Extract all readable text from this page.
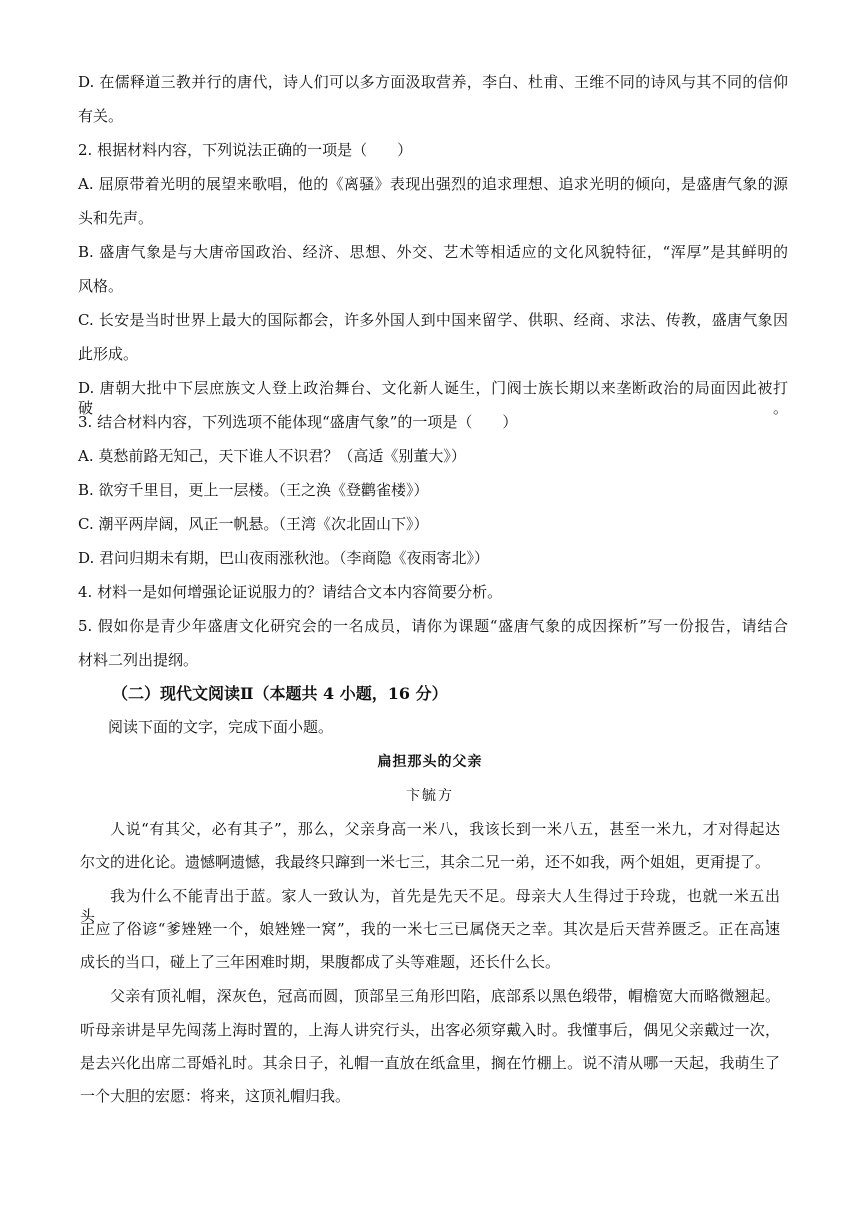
D. 在儒释道三教并行的唐代，诗人们可以多方面汲取营养，李白、杜甫、王维不同的诗风与其不同的信仰
有关。
2. 根据材料内容，下列说法正确的一项是（　　）
A. 屈原带着光明的展望来歌唱，他的《离骚》表现出强烈的追求理想、追求光明的倾向，是盛唐气象的源
头和先声。
B. 盛唐气象是与大唐帝国政治、经济、思想、外交、艺术等相适应的文化风貌特征，“浑厚”是其鲜明的
风格。
C. 长安是当时世界上最大的国际都会，许多外国人到中国来留学、供职、经商、求法、传教，盛唐气象因
此形成。
D. 唐朝大批中下层庶族文人登上政治舞台、文化新人诞生，门阀士族长期以来垄断政治的局面因此被打破。
3. 结合材料内容，下列选项不能体现“盛唐气象”的一项是（　　）
A. 莫愁前路无知己，天下谁人不识君？（高适《别董大》）
B. 欲穷千里目，更上一层楼。（王之涣《登鹳雀楼》）
C. 潮平两岸阔，风正一帆悬。（王湾《次北固山下》）
D. 君问归期未有期，巴山夜雨涨秋池。（李商隐《夜雨寄北》）
4. 材料一是如何增强论证说服力的？请结合文本内容简要分析。
5. 假如你是青少年盛唐文化研究会的一名成员，请你为课题“盛唐气象的成因探析”写一份报告，请结合
材料二列出提纲。
（二）现代文阅读Ⅱ（本题共 4 小题，16 分）
阅读下面的文字，完成下面小题。
扁担那头的父亲
卞毓方
人说“有其父，必有其子”，那么，父亲身高一米八，我该长到一米八五，甚至一米九，才对得起达
尔文的进化论。遗憾啊遗憾，我最终只蹿到一米七三，其余二兄一弟，还不如我，两个姐姐，更甭提了。
我为什么不能青出于蓝。家人一致认为，首先是先天不足。母亲大人生得过于玲珑，也就一米五出头，
正应了俗谚“爹矬矬一个，娘矬矬一窝”，我的一米七三已属侥天之幸。其次是后天营养匮乏。正在高速
成长的当口，碰上了三年困难时期，果腹都成了头等难题，还长什么长。
父亲有顶礼帽，深灰色，冠高而圆，顶部呈三角形凹陷，底部系以黑色缎带，帽檐宽大而略微翘起。
听母亲讲是早先闯荡上海时置的，上海人讲究行头，出客必须穿戴入时。我懂事后，偶见父亲戴过一次，
是去兴化出席二哥婚礼时。其余日子，礼帽一直放在纸盒里，搁在竹棚上。说不清从哪一天起，我萌生了
一个大胆的宏愿：将来，这顶礼帽归我。
